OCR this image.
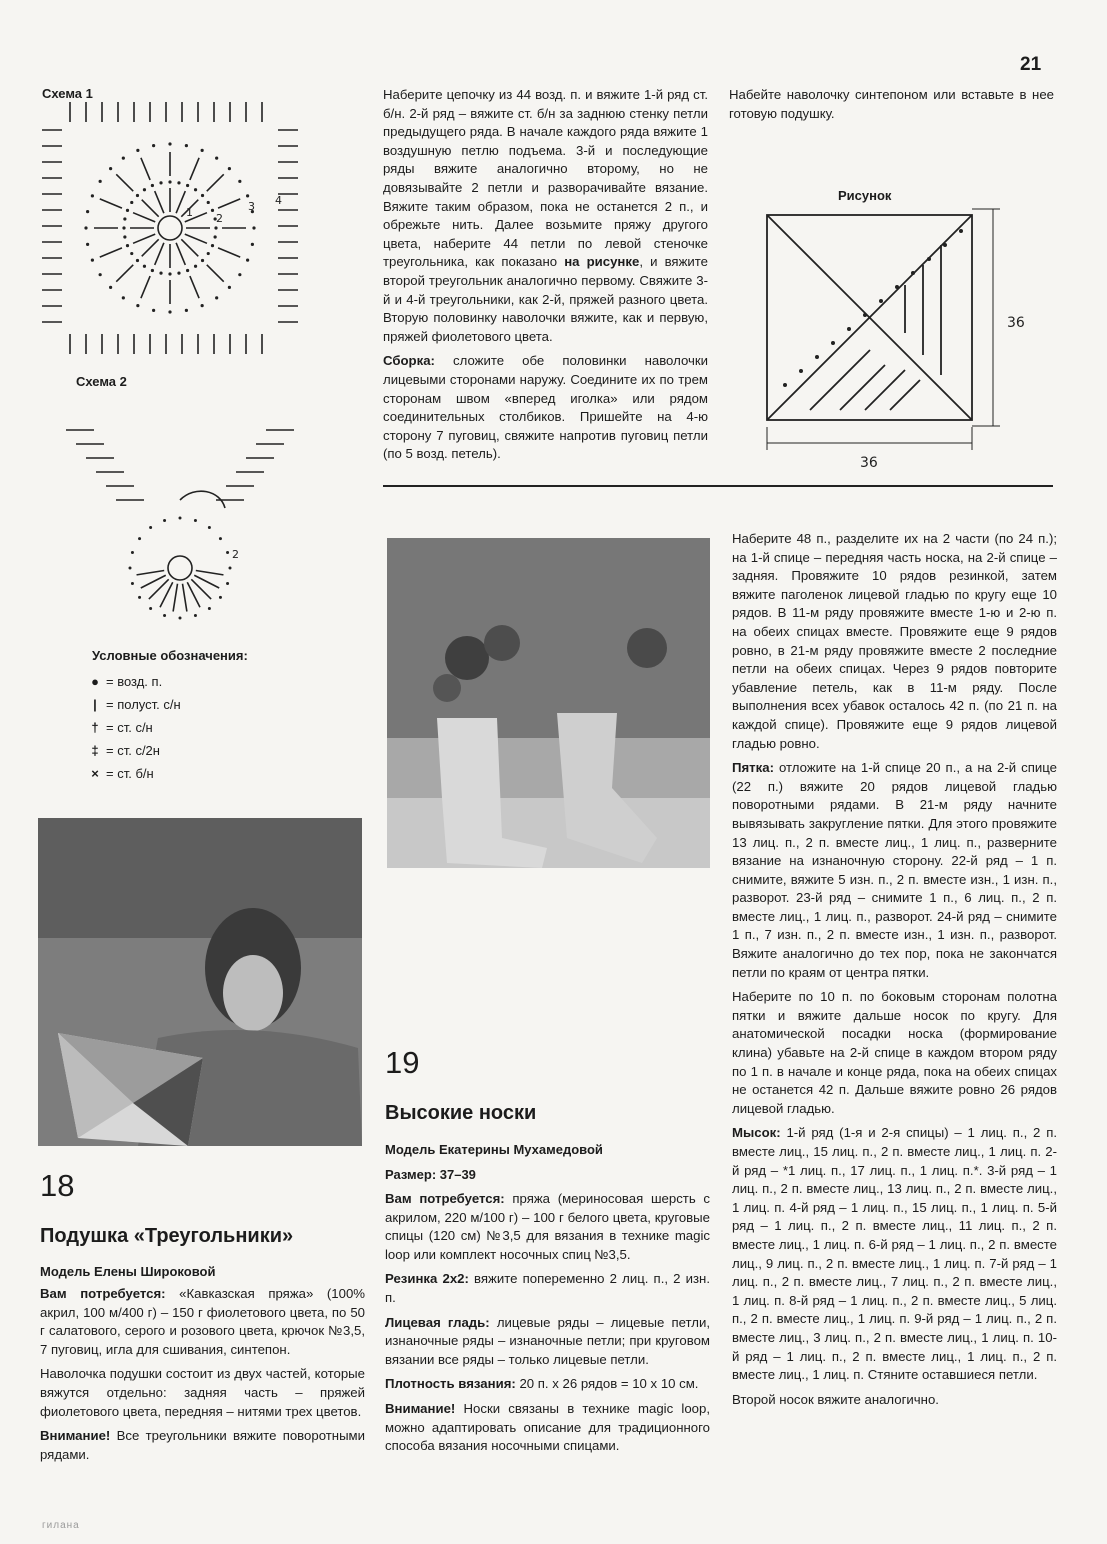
21
Схема 1
1 2
3 4
Схема 2
2
Условные обозначения:
● = возд. п.
| = полуст. с/н
† = ст. с/н
‡ = ст. с/2н
× = ст. б/н
18
Подушка «Треугольники»
Модель Елены Широковой

Вам потребуется: «Кавказская пряжа» (100% акрил, 100 м/400 г) – 150 г фиолетового цвета, по 50 г салатового, серого и розового цвета, крючок №3,5, 7 пуговиц, игла для сшивания, синтепон.

Наволочка подушки состоит из двух частей, которые вяжутся отдельно: задняя часть – пряжей фиолетового цвета, передняя – нитями трех цветов.

Внимание! Все треугольники вяжите поворотными рядами.

Наберите цепочку из 44 возд. п. и вяжите 1-й ряд ст. б/н. 2-й ряд – вяжите ст. б/н за заднюю стенку петли предыдущего ряда. В начале каждого ряда вяжите 1 воздушную петлю подъема. 3-й и последующие ряды вяжите аналогично второму, но не довязывайте 2 петли и разворачивайте вязание. Вяжите таким образом, пока не останется 2 п., и обрежьте нить. Далее возьмите пряжу другого цвета, наберите 44 петли по левой стеночке треугольника, как показано на рисунке, и вяжите второй треугольник аналогично первому. Свяжите 3-й и 4-й треугольники, как 2-й, пряжей разного цвета. Вторую половинку наволочки вяжите, как и первую, пряжей фиолетового цвета.

Сборка: сложите обе половинки наволочки лицевыми сторонами наружу. Соедините их по трем сторонам швом «вперед иголка» или рядом соединительных столбиков. Пришейте на 4-ю сторону 7 пуговиц, свяжите напротив пуговиц петли (по 5 возд. петель).

Набейте наволочку синтепоном или вставьте в нее готовую подушку.

Рисунок
36
36
19
Высокие носки
Модель Екатерины Мухамедовой
Размер: 37–39

Вам потребуется: пряжа (мериносовая шерсть с акрилом, 220 м/100 г) – 100 г белого цвета, круговые спицы (120 см) №3,5 для вязания в технике magic loop или комплект носочных спиц №3,5.

Резинка 2х2: вяжите попеременно 2 лиц. п., 2 изн. п.

Лицевая гладь: лицевые ряды – лицевые петли, изнаночные ряды – изнаночные петли; при круговом вязании все ряды – только лицевые петли.

Плотность вязания: 20 п. х 26 рядов = 10 х 10 см.

Внимание! Носки связаны в технике magic loop, можно адаптировать описание для традиционного способа вязания носочными спицами.

Наберите 48 п., разделите их на 2 части (по 24 п.); на 1-й спице – передняя часть носка, на 2-й спице – задняя. Провяжите 10 рядов резинкой, затем вяжите паголенок лицевой гладью по кругу еще 10 рядов. В 11-м ряду провяжите вместе 1-ю и 2-ю п. на обеих спицах вместе. Провяжите еще 9 рядов ровно, в 21-м ряду провяжите вместе 2 последние петли на обеих спицах. Через 9 рядов повторите убавление петель, как в 11-м ряду. После выполнения всех убавок осталось 42 п. (по 21 п. на каждой спице). Провяжите еще 9 рядов лицевой гладью ровно.

Пятка: отложите на 1-й спице 20 п., а на 2-й спице (22 п.) вяжите 20 рядов лицевой гладью поворотными рядами. В 21-м ряду начните вывязывать закругление пятки. Для этого провяжите 13 лиц. п., 2 п. вместе лиц., 1 лиц. п., разверните вязание на изнаночную сторону. 22-й ряд – 1 п. снимите, вяжите 5 изн. п., 2 п. вместе изн., 1 изн. п., разворот. 23-й ряд – снимите 1 п., 6 лиц. п., 2 п. вместе лиц., 1 лиц. п., разворот. 24-й ряд – снимите 1 п., 7 изн. п., 2 п. вместе изн., 1 изн. п., разворот. Вяжите аналогично до тех пор, пока не закончатся петли по краям от центра пятки.

Наберите по 10 п. по боковым сторонам полотна пятки и вяжите дальше носок по кругу. Для анатомической посадки носка (формирование клина) убавьте на 2-й спице в каждом втором ряду по 1 п. в начале и конце ряда, пока на обеих спицах не останется 42 п. Дальше вяжите ровно 26 рядов лицевой гладью.

Мысок: 1-й ряд (1-я и 2-я спицы) – 1 лиц. п., 2 п. вместе лиц., 15 лиц. п., 2 п. вместе лиц., 1 лиц. п. 2-й ряд – *1 лиц. п., 17 лиц. п., 1 лиц. п.*. 3-й ряд – 1 лиц. п., 2 п. вместе лиц., 13 лиц. п., 2 п. вместе лиц., 1 лиц. п. 4-й ряд – 1 лиц. п., 15 лиц. п., 1 лиц. п. 5-й ряд – 1 лиц. п., 2 п. вместе лиц., 11 лиц. п., 2 п. вместе лиц., 1 лиц. п. 6-й ряд – 1 лиц. п., 2 п. вместе лиц., 9 лиц. п., 2 п. вместе лиц., 1 лиц. п. 7-й ряд – 1 лиц. п., 2 п. вместе лиц., 7 лиц. п., 2 п. вместе лиц., 1 лиц. п. 8-й ряд – 1 лиц. п., 2 п. вместе лиц., 5 лиц. п., 2 п. вместе лиц., 1 лиц. п. 9-й ряд – 1 лиц. п., 2 п. вместе лиц., 3 лиц. п., 2 п. вместе лиц., 1 лиц. п. 10-й ряд – 1 лиц. п., 2 п. вместе лиц., 1 лиц. п., 2 п. вместе лиц., 1 лиц. п. Стяните оставшиеся петли.

Второй носок вяжите аналогично.

гилана
